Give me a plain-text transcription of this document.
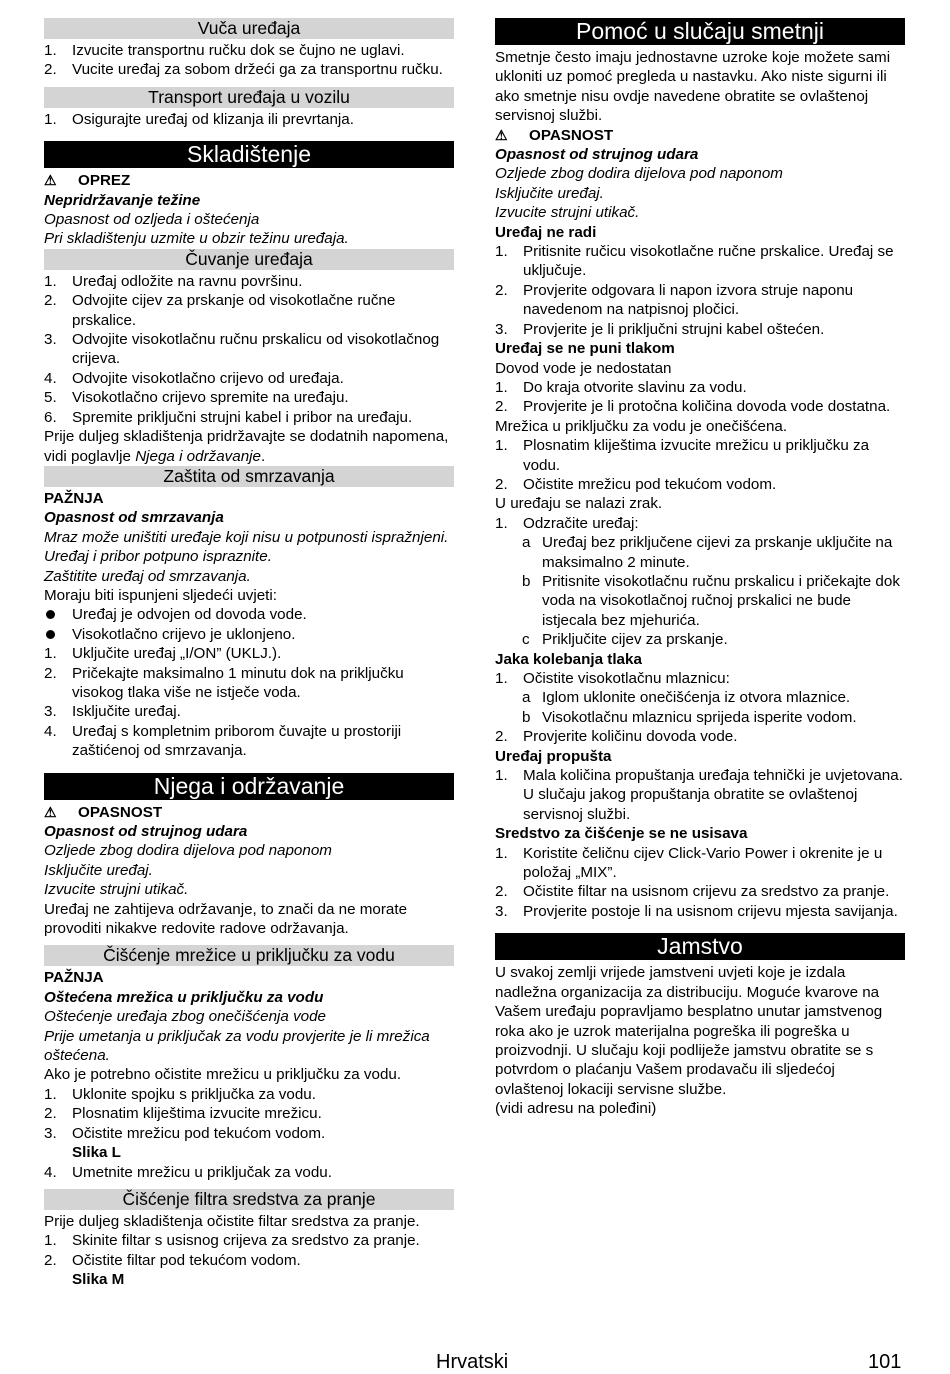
Vuča uređaja
1.	Izvucite transportnu ručku dok se čujno ne uglavi.
2.	Vucite uređaj za sobom držeći ga za transportnu ručku.
Transport uređaja u vozilu
1.	Osigurajte uređaj od klizanja ili prevrtanja.
Skladištenje
⚠ OPREZ
Nepridržavanje težine
Opasnost od ozljeda i oštećenja
Pri skladištenju uzmite u obzir težinu uređaja.
Čuvanje uređaja
1.	Uređaj odložite na ravnu površinu.
2.	Odvojite cijev za prskanje od visokotlačne ručne prskalice.
3.	Odvojite visokotlačnu ručnu prskalicu od visokotlačnog crijeva.
4.	Odvojite visokotlačno crijevo od uređaja.
5.	Visokotlačno crijevo spremite na uređaju.
6.	Spremite priključni strujni kabel i pribor na uređaju.
Prije duljeg skladištenja pridržavajte se dodatnih napomena, vidi poglavlje Njega i održavanje.
Zaštita od smrzavanja
PAŽNJA
Opasnost od smrzavanja
Mraz može uništiti uređaje koji nisu u potpunosti ispražnjeni.
Uređaj i pribor potpuno ispraznite.
Zaštitite uređaj od smrzavanja.
Moraju biti ispunjeni sljedeći uvjeti:
Uređaj je odvojen od dovoda vode.
Visokotlačno crijevo je uklonjeno.
1.	Uključite uređaj „I/ON” (UKLJ.).
2.	Pričekajte maksimalno 1 minutu dok na priključku visokog tlaka više ne istječe voda.
3.	Isključite uređaj.
4.	Uređaj s kompletnim priborom čuvajte u prostoriji zaštićenoj od smrzavanja.
Njega i održavanje
⚠ OPASNOST
Opasnost od strujnog udara
Ozljede zbog dodira dijelova pod naponom
Isključite uređaj.
Izvucite strujni utikač.
Uređaj ne zahtijeva održavanje, to znači da ne morate provoditi nikakve redovite radove održavanja.
Čišćenje mrežice u priključku za vodu
PAŽNJA
Oštećena mrežica u priključku za vodu
Oštećenje uređaja zbog onečišćenja vode
Prije umetanja u priključak za vodu provjerite je li mrežica oštećena.
Ako je potrebno očistite mrežicu u priključku za vodu.
1.	Uklonite spojku s priključka za vodu.
2.	Plosnatim kliještima izvucite mrežicu.
3.	Očistite mrežicu pod tekućom vodom.
Slika L
4.	Umetnite mrežicu u priključak za vodu.
Čišćenje filtra sredstva za pranje
Prije duljeg skladištenja očistite filtar sredstva za pranje.
1.	Skinite filtar s usisnog crijeva za sredstvo za pranje.
2.	Očistite filtar pod tekućom vodom.
Slika M
Pomoć u slučaju smetnji
Smetnje često imaju jednostavne uzroke koje možete sami ukloniti uz pomoć pregleda u nastavku. Ako niste sigurni ili ako smetnje nisu ovdje navedene obratite se ovlaštenoj servisnoj službi.
⚠ OPASNOST
Opasnost od strujnog udara
Ozljede zbog dodira dijelova pod naponom
Isključite uređaj.
Izvucite strujni utikač.
Uređaj ne radi
1.	Pritisnite ručicu visokotlačne ručne prskalice. Uređaj se uključuje.
2.	Provjerite odgovara li napon izvora struje naponu navedenom na natpisnoj pločici.
3.	Provjerite je li priključni strujni kabel oštećen.
Uređaj se ne puni tlakom
Dovod vode je nedostatan
1.	Do kraja otvorite slavinu za vodu.
2.	Provjerite je li protočna količina dovoda vode dostatna.
Mrežica u priključku za vodu je onečišćena.
1.	Plosnatim kliještima izvucite mrežicu u priključku za vodu.
2.	Očistite mrežicu pod tekućom vodom.
U uređaju se nalazi zrak.
1.	Odzračite uređaj:
a Uređaj bez priključene cijevi za prskanje uključite na maksimalno 2 minute.
b Pritisnite visokotlačnu ručnu prskalicu i pričekajte dok voda na visokotlačnoj ručnoj prskalici ne bude istjecala bez mjehurića.
c Priključite cijev za prskanje.
Jaka kolebanja tlaka
1.	Očistite visokotlačnu mlaznicu:
a Iglom uklonite onečišćenja iz otvora mlaznice.
b Visokotlačnu mlaznicu sprijeda isperite vodom.
2.	Provjerite količinu dovoda vode.
Uređaj propušta
1.	Mala količina propuštanja uređaja tehnički je uvjetovana. U slučaju jakog propuštanja obratite se ovlaštenoj servisnoj službi.
Sredstvo za čišćenje se ne usisava
1.	Koristite čeličnu cijev Click-Vario Power i okrenite je u položaj „MIX”.
2.	Očistite filtar na usisnom crijevu za sredstvo za pranje.
3.	Provjerite postoje li na usisnom crijevu mjesta savijanja.
Jamstvo
U svakoj zemlji vrijede jamstveni uvjeti koje je izdala nadležna organizacija za distribuciju. Moguće kvarove na Vašem uređaju popravljamo besplatno unutar jamstvenog roka ako je uzrok materijalna pogreška ili pogreška u proizvodnji. U slučaju koji podliježe jamstvu obratite se s potvrdom o plaćanju Vašem prodavaču ili sljedećoj ovlaštenoj lokaciji servisne službe.
(vidi adresu na poleđini)
Hrvatski	101
